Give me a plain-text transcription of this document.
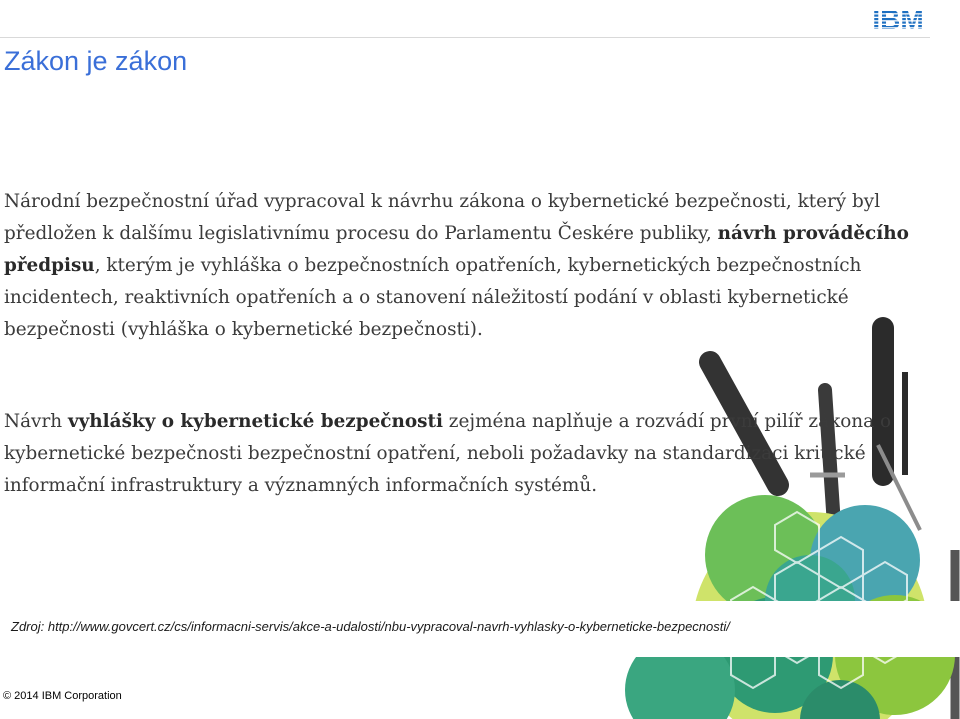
IBM
Zákon je zákon
Národní bezpečnostní úřad vypracoval k návrhu zákona o kybernetické bezpečnosti, který byl předložen k dalšímu legislativnímu procesu do Parlamentu Českére publiky, návrh prováděcího předpisu, kterým je vyhláška o bezpečnostních opatřeních, kybernetických bezpečnostních incidentech, reaktivních opatřeních a o stanovení náležitostí podání v oblasti kybernetické bezpečnosti (vyhláška o kybernetické bezpečnosti).
Návrh vyhlášky o kybernetické bezpečnosti zejména naplňuje a rozvádí první pilíř zákona o kybernetické bezpečnosti bezpečnostní opatření, neboli požadavky na standardizaci kritické informační infrastruktury a významných informačních systémů.
Zdroj: http://www.govcert.cz/cs/informacni-servis/akce-a-udalosti/nbu-vypracoval-navrh-vyhlasky-o-kyberneticke-bezpecnosti/
© 2014 IBM Corporation
